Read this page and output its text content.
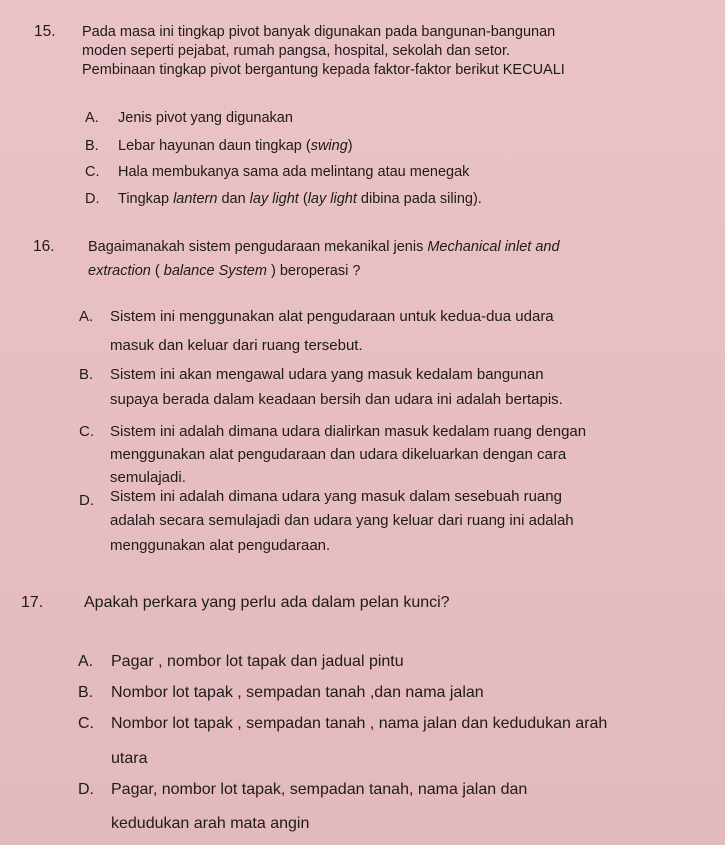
15. Pada masa ini tingkap pivot banyak digunakan pada bangunan-bangunan
moden seperti pejabat, rumah pangsa, hospital, sekolah dan setor.
Pembinaan tingkap pivot bergantung kepada faktor-faktor berikut KECUALI
A. Jenis pivot yang digunakan
B. Lebar hayunan daun tingkap (swing)
C. Hala membukanya sama ada melintang atau menegak
D. Tingkap lantern dan lay light (lay light dibina pada siling).
16. Bagaimanakah sistem pengudaraan mekanikal jenis Mechanical inlet and
extraction ( balance System ) beroperasi ?
A. Sistem ini menggunakan alat pengudaraan untuk kedua-dua udara
masuk dan keluar dari ruang tersebut.
B. Sistem ini akan mengawal udara yang masuk kedalam bangunan
supaya berada dalam keadaan bersih dan udara ini adalah bertapis.
C. Sistem ini adalah dimana udara dialirkan masuk kedalam ruang dengan
menggunakan alat pengudaraan dan udara dikeluarkan dengan cara
semulajadi.
D. Sistem ini adalah dimana udara yang masuk dalam sesebuah ruang
adalah secara semulajadi dan udara yang keluar dari ruang ini adalah
menggunakan alat pengudaraan.
17.	Apakah perkara yang perlu ada dalam pelan kunci?
A. Pagar , nombor lot tapak dan jadual pintu
B. Nombor lot tapak , sempadan tanah ,dan nama jalan
C. Nombor lot tapak , sempadan tanah , nama jalan dan kedudukan arah
utara
D. Pagar, nombor lot tapak, sempadan tanah, nama jalan dan
kedudukan arah mata angin
